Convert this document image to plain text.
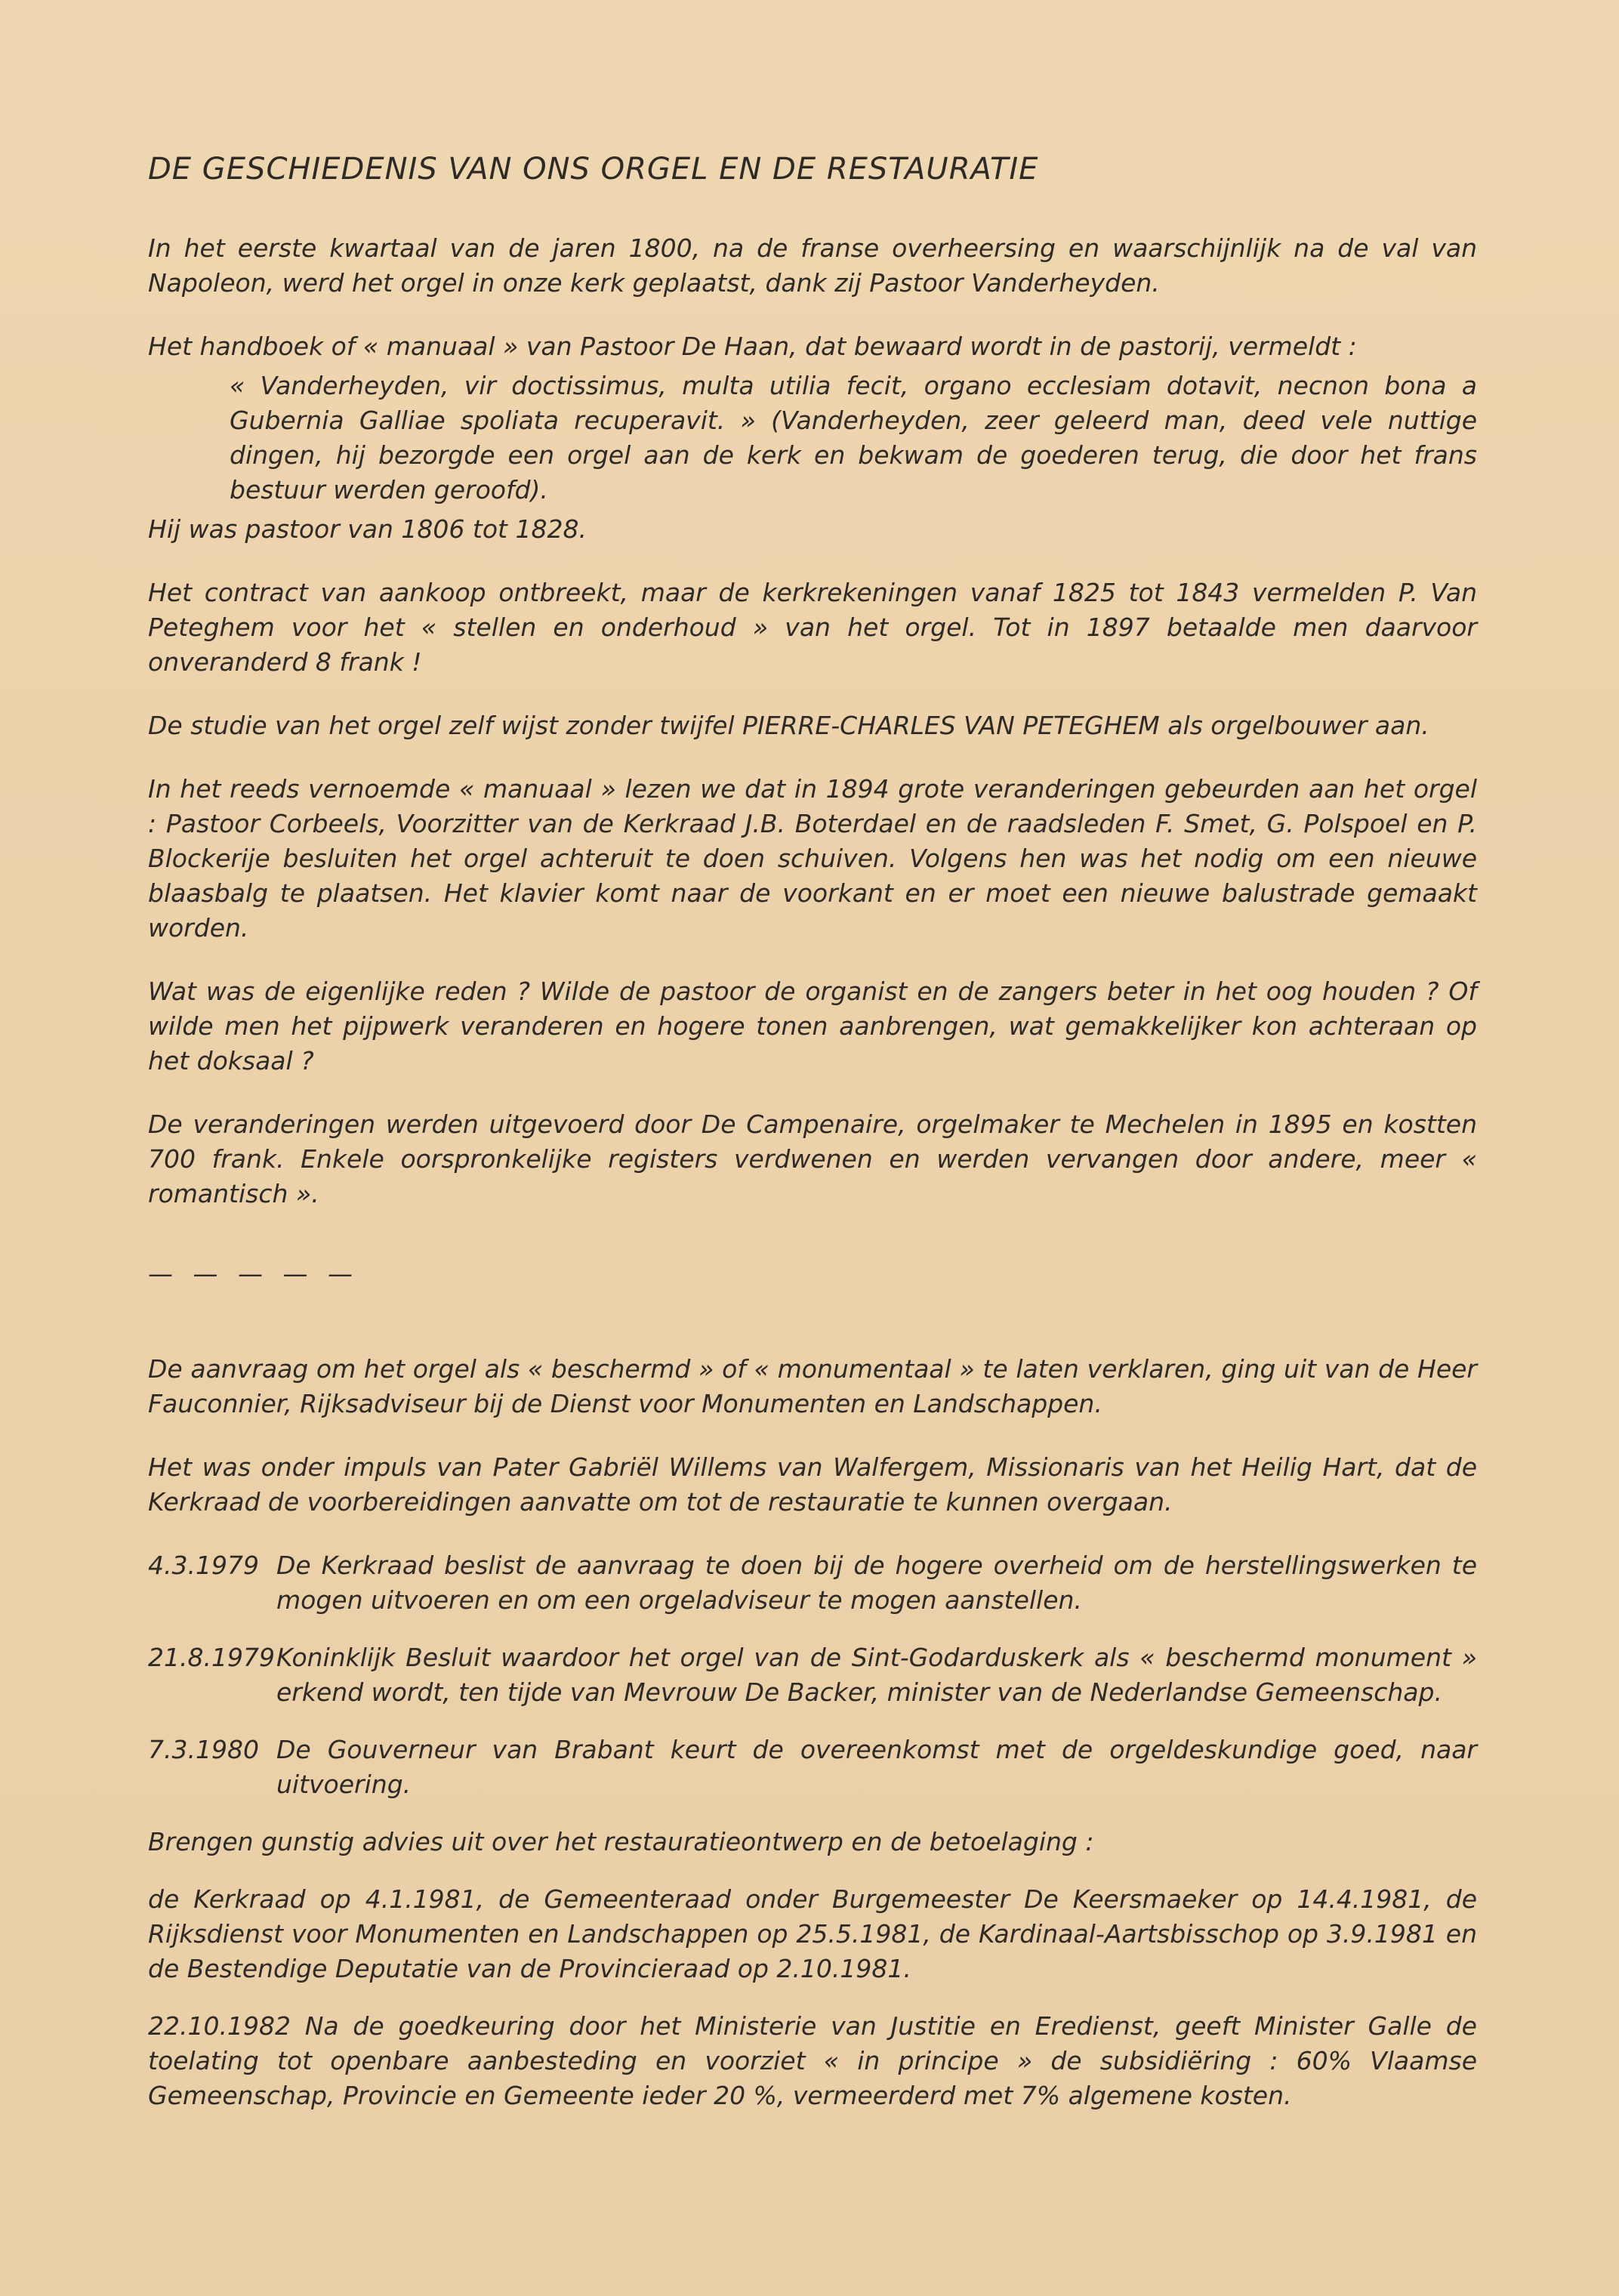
DE GESCHIEDENIS VAN ONS ORGEL EN DE RESTAURATIE

In het eerste kwartaal van de jaren 1800, na de franse overheersing en waarschijnlijk na de val van Napoleon, werd het orgel in onze kerk geplaatst, dank zij Pastoor Vanderheyden.

Het handboek of « manuaal » van Pastoor De Haan, dat bewaard wordt in de pastorij, vermeldt :

« Vanderheyden, vir doctissimus, multa utilia fecit, organo ecclesiam dotavit, necnon bona a Gubernia Galliae spoliata recuperavit. » (Vanderheyden, zeer geleerd man, deed vele nuttige dingen, hij bezorgde een orgel aan de kerk en bekwam de goederen terug, die door het frans bestuur werden geroofd).

Hij was pastoor van 1806 tot 1828.

Het contract van aankoop ontbreekt, maar de kerkrekeningen vanaf 1825 tot 1843 vermelden P. Van Peteghem voor het « stellen en onderhoud » van het orgel. Tot in 1897 betaalde men daarvoor onveranderd 8 frank !

De studie van het orgel zelf wijst zonder twijfel PIERRE-CHARLES VAN PETEGHEM als orgelbouwer aan.

In het reeds vernoemde « manuaal » lezen we dat in 1894 grote veranderingen gebeurden aan het orgel : Pastoor Corbeels, Voorzitter van de Kerkraad J.B. Boterdael en de raadsleden F. Smet, G. Polspoel en P. Blockerije besluiten het orgel achteruit te doen schuiven. Volgens hen was het nodig om een nieuwe blaasbalg te plaatsen. Het klavier komt naar de voorkant en er moet een nieuwe balustrade gemaakt worden.

Wat was de eigenlijke reden ? Wilde de pastoor de organist en de zangers beter in het oog houden ? Of wilde men het pijpwerk veranderen en hogere tonen aanbrengen, wat gemakkelijker kon achteraan op het doksaal ?

De veranderingen werden uitgevoerd door De Campenaire, orgelmaker te Mechelen in 1895 en kostten 700 frank. Enkele oorspronkelijke registers verdwenen en werden vervangen door andere, meer « romantisch ».

— — — — —

De aanvraag om het orgel als « beschermd » of « monumentaal » te laten verklaren, ging uit van de Heer Fauconnier, Rijksadviseur bij de Dienst voor Monumenten en Landschappen.

Het was onder impuls van Pater Gabriël Willems van Walfergem, Missionaris van het Heilig Hart, dat de Kerkraad de voorbereidingen aanvatte om tot de restauratie te kunnen overgaan.

4.3.1979 De Kerkraad beslist de aanvraag te doen bij de hogere overheid om de herstellingswerken te mogen uitvoeren en om een orgeladviseur te mogen aanstellen.
21.8.1979 Koninklijk Besluit waardoor het orgel van de Sint-Godarduskerk als « beschermd monument » erkend wordt, ten tijde van Mevrouw De Backer, minister van de Nederlandse Gemeenschap.
7.3.1980 De Gouverneur van Brabant keurt de overeenkomst met de orgeldeskundige goed, naar uitvoering.

Brengen gunstig advies uit over het restauratieontwerp en de betoelaging :

de Kerkraad op 4.1.1981, de Gemeenteraad onder Burgemeester De Keersmaeker op 14.4.1981, de Rijksdienst voor Monumenten en Landschappen op 25.5.1981, de Kardinaal-Aartsbisschop op 3.9.1981 en de Bestendige Deputatie van de Provincieraad op 2.10.1981.

22.10.1982 Na de goedkeuring door het Ministerie van Justitie en Eredienst, geeft Minister Galle de toelating tot openbare aanbesteding en voorziet « in principe » de subsidiëring : 60% Vlaamse Gemeenschap, Provincie en Gemeente ieder 20 %, vermeerderd met 7% algemene kosten.
